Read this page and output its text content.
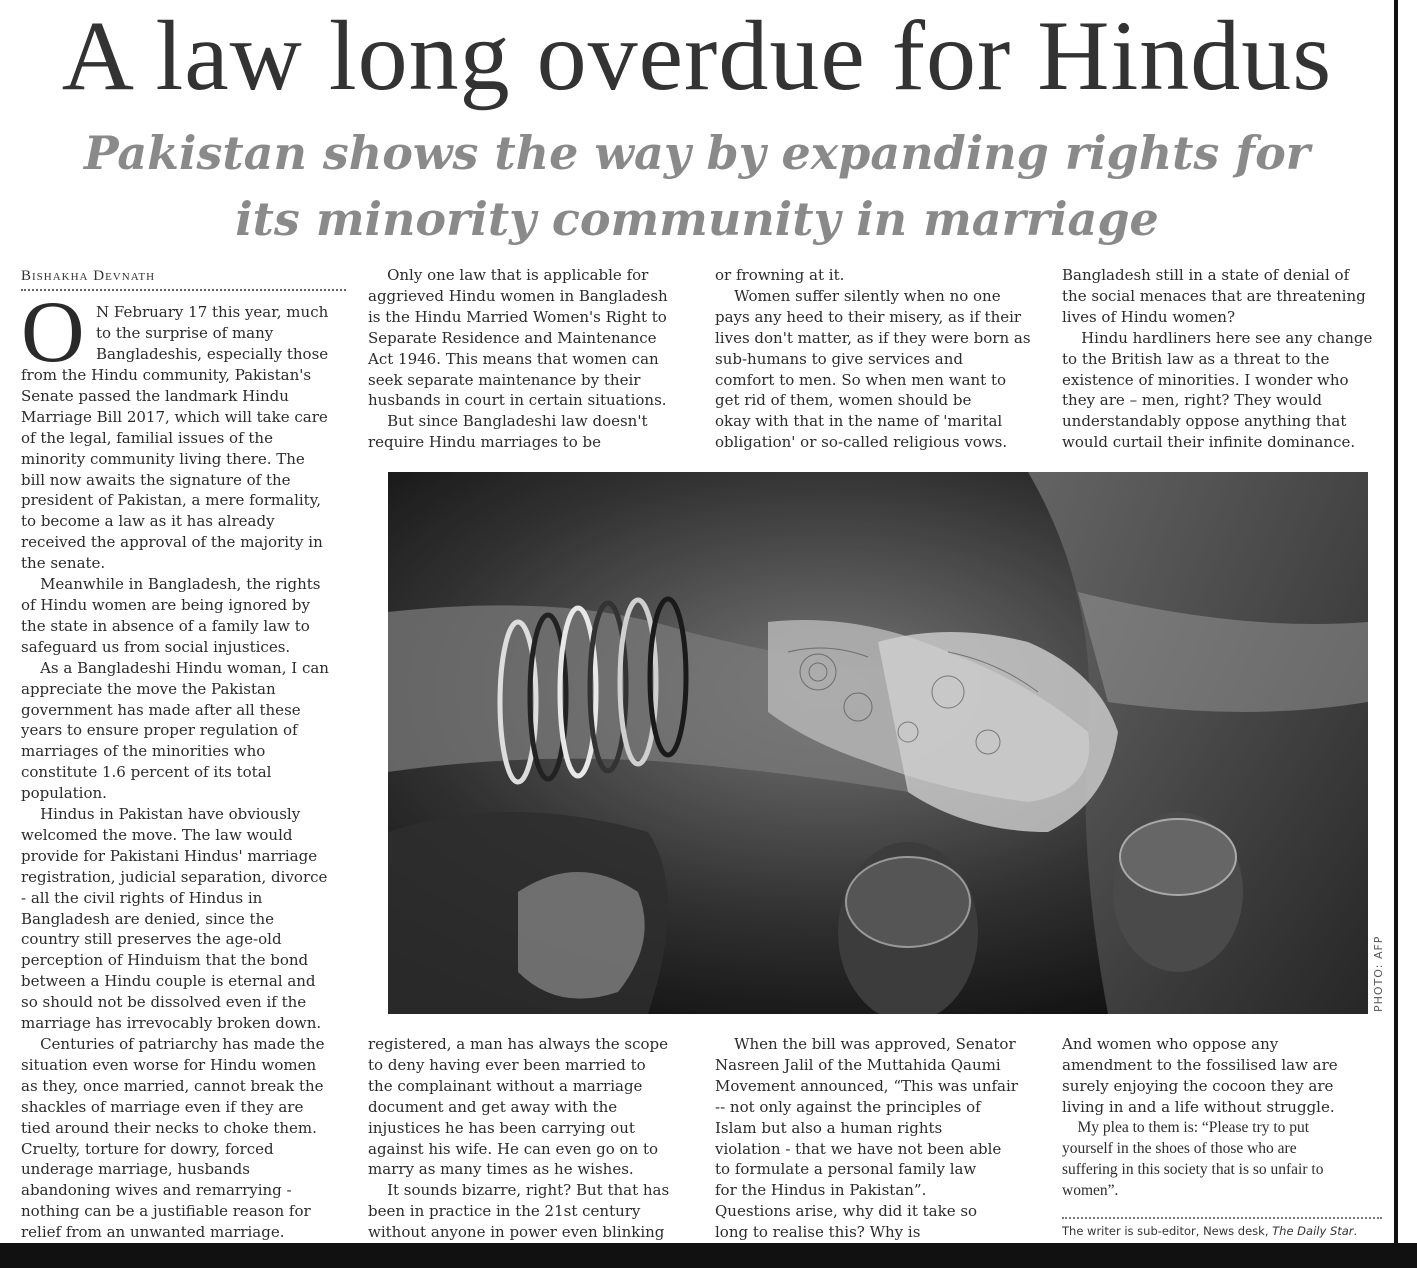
A law long overdue for Hindus
Pakistan shows the way by expanding rights for
its minority community in marriage
Bishakha Devnath
O N February 17 this year, much
to the surprise of many
Bangladeshis, especially those

from the Hindu community, Pakistan's
Senate passed the landmark Hindu
Marriage Bill 2017, which will take care
of the legal, familial issues of the
minority community living there. The
bill now awaits the signature of the
president of Pakistan, a mere formality,
to become a law as it has already
received the approval of the majority in
the senate.
Meanwhile in Bangladesh, the rights
of Hindu women are being ignored by
the state in absence of a family law to
safeguard us from social injustices.
As a Bangladeshi Hindu woman, I can
appreciate the move the Pakistan
government has made after all these
years to ensure proper regulation of
marriages of the minorities who
constitute 1.6 percent of its total
population.
Hindus in Pakistan have obviously
welcomed the move. The law would
provide for Pakistani Hindus' marriage
registration, judicial separation, divorce
- all the civil rights of Hindus in
Bangladesh are denied, since the
country still preserves the age-old
perception of Hinduism that the bond
between a Hindu couple is eternal and
so should not be dissolved even if the
marriage has irrevocably broken down.
Centuries of patriarchy has made the
situation even worse for Hindu women
as they, once married, cannot break the
shackles of marriage even if they are
tied around their necks to choke them.
Cruelty, torture for dowry, forced
underage marriage, husbands
abandoning wives and remarrying -
nothing can be a justifiable reason for
relief from an unwanted marriage.

Only one law that is applicable for
aggrieved Hindu women in Bangladesh
is the Hindu Married Women's Right to
Separate Residence and Maintenance
Act 1946. This means that women can
seek separate maintenance by their
husbands in court in certain situations.
But since Bangladeshi law doesn't
require Hindu marriages to be

or frowning at it.
Women suffer silently when no one
pays any heed to their misery, as if their
lives don't matter, as if they were born as
sub-humans to give services and
comfort to men. So when men want to
get rid of them, women should be
okay with that in the name of 'marital
obligation' or so-called religious vows.

Bangladesh still in a state of denial of
the social menaces that are threatening
lives of Hindu women?
Hindu hardliners here see any change
to the British law as a threat to the
existence of minorities. I wonder who
they are – men, right? They would
understandably oppose anything that
would curtail their infinite dominance.

PHOTO: AFP

registered, a man has always the scope
to deny having ever been married to
the complainant without a marriage
document and get away with the
injustices he has been carrying out
against his wife. He can even go on to
marry as many times as he wishes.
It sounds bizarre, right? But that has
been in practice in the 21st century
without anyone in power even blinking

When the bill was approved, Senator
Nasreen Jalil of the Muttahida Qaumi
Movement announced, “This was unfair
-- not only against the principles of
Islam but also a human rights
violation - that we have not been able
to formulate a personal family law
for the Hindus in Pakistan”.
Questions arise, why did it take so
long to realise this? Why is

And women who oppose any
amendment to the fossilised law are
surely enjoying the cocoon they are
living in and a life without struggle.

My plea to them is: “Please try to put
yourself in the shoes of those who are
suffering in this society that is so unfair to
women”.

The writer is sub-editor, News desk, The Daily Star.
